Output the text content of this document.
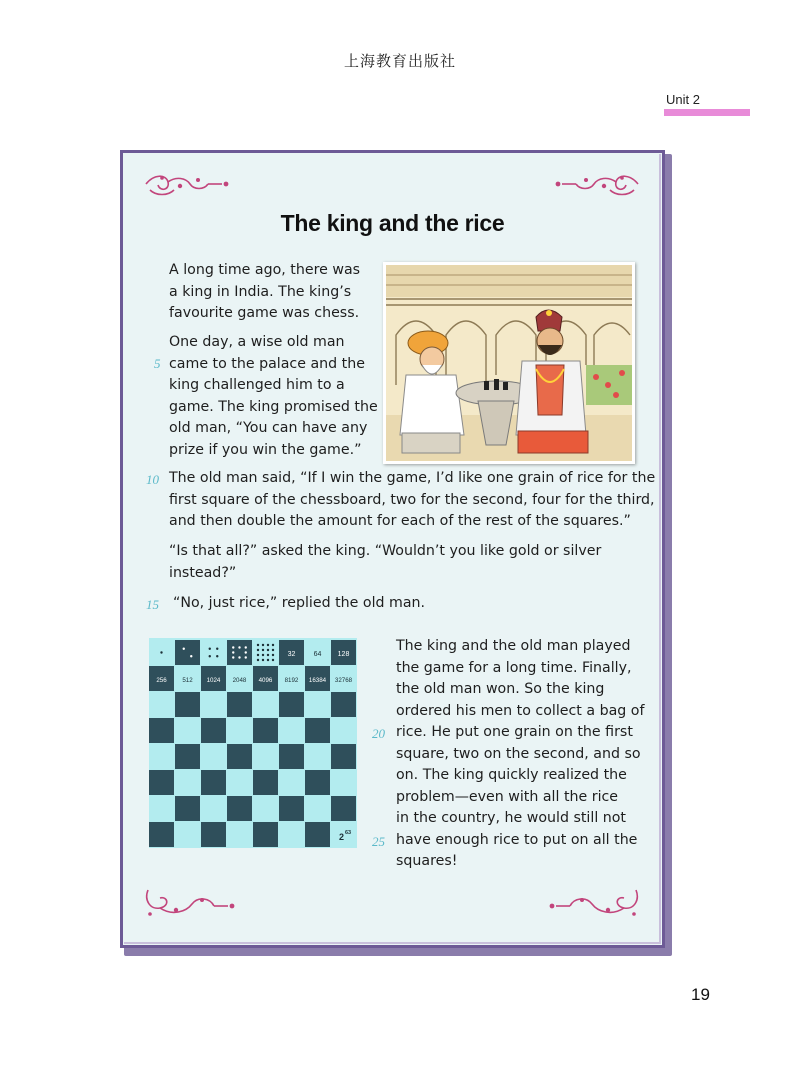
上海教育出版社
Unit 2
The king and the rice
A long time ago, there was
a king in India. The king’s
favourite game was chess.
One day, a wise old man
came to the palace and the
king challenged him to a
game. The king promised the
old man, “You can have any
prize if you win the game.”
5
The old man said, “If I win the game, I’d like one grain of rice for the
first square of the chessboard, two for the second, four for the third,
and then double the amount for each of the rest of the squares.”
10
“Is that all?” asked the king. “Wouldn’t you like gold or silver
instead?”
“No, just rice,” replied the old man.
15
32	64 128
256	512 1024 2048 4096 8192 16384 32768
2 63
The king and the old man played
the game for a long time. Finally,
the old man won. So the king
ordered his men to collect a bag of
rice. He put one grain on the first
square, two on the second, and so
on. The king quickly realized the
problem—even with all the rice
in the country, he would still not
have enough rice to put on all the
squares!
20
25
19
